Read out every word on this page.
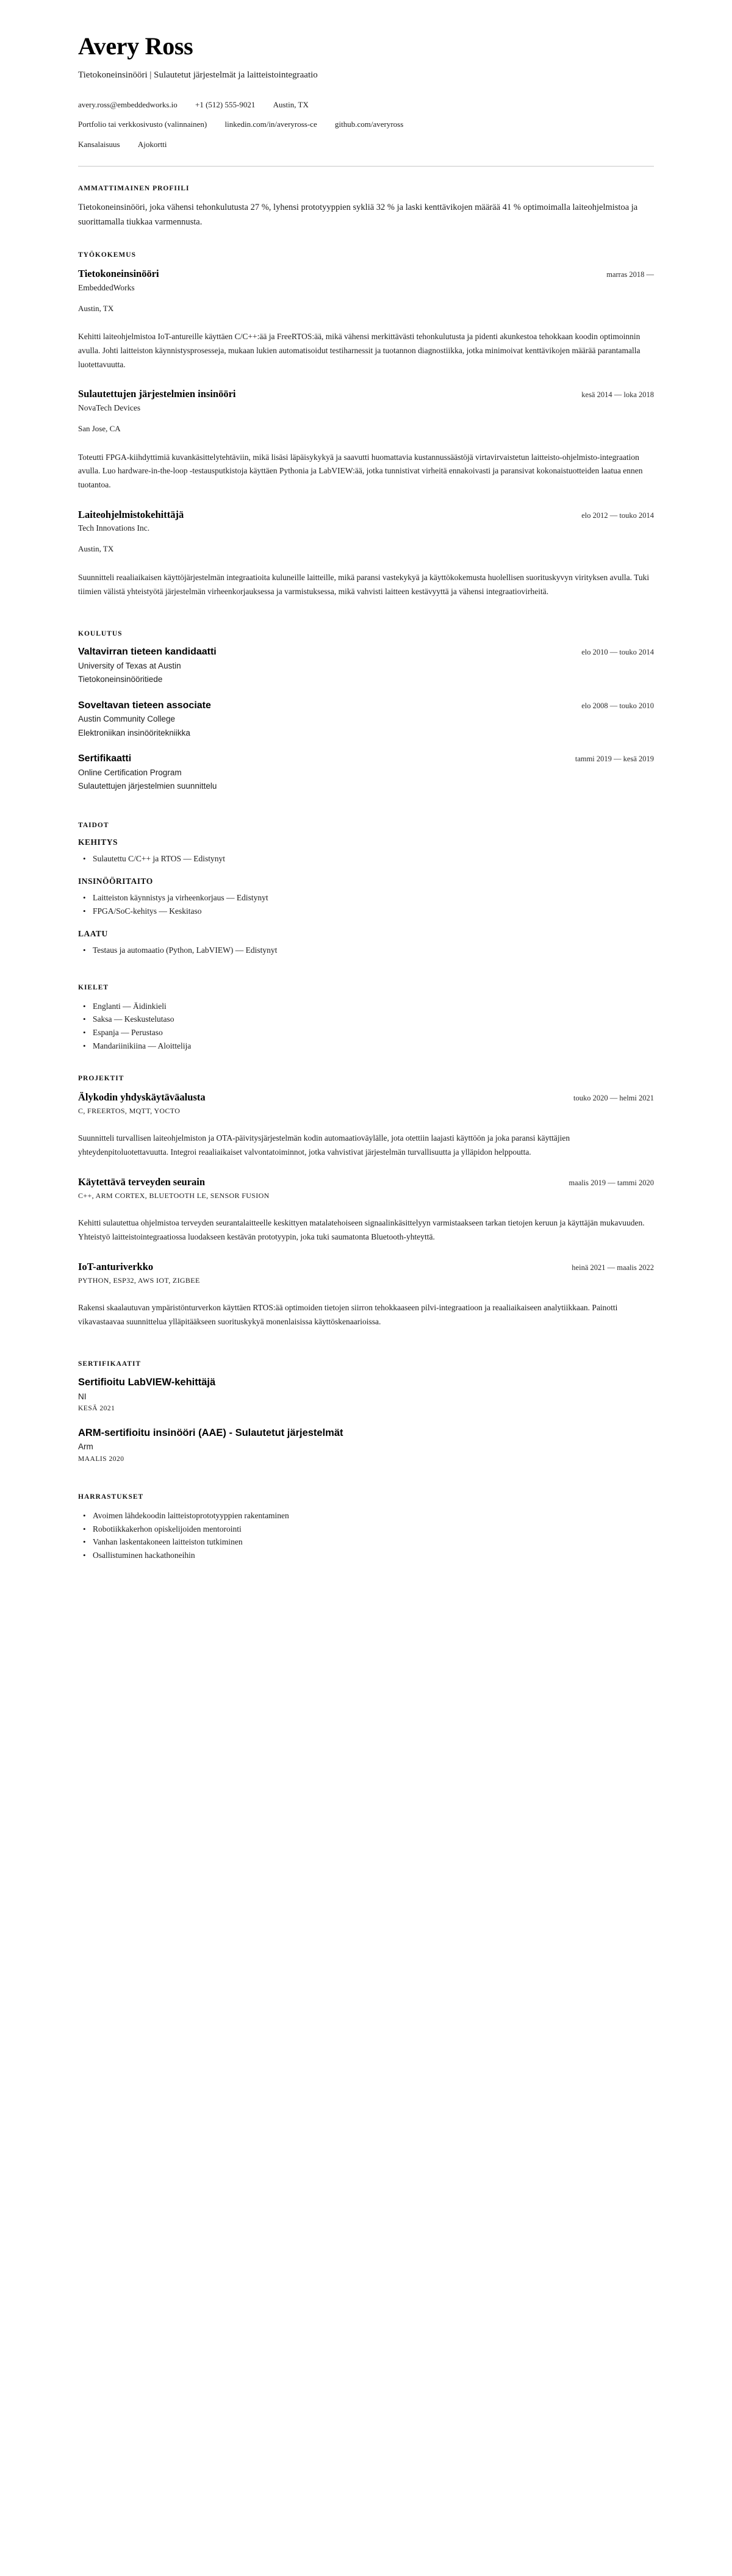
Avery Ross
Tietokoneinsinööri | Sulautetut järjestelmät ja laitteistointegraatio
avery.ross@embeddedworks.io +1 (512) 555-9021 Austin, TX
Portfolio tai verkkosivusto (valinnainen) linkedin.com/in/averyross-ce github.com/averyross
Kansalaisuus Ajokortti
AMMATTIMAINEN PROFIILI

Tietokoneinsinööri, joka vähensi tehonkulutusta 27 %, lyhensi prototyyppien sykliä 32 % ja laski kenttävikojen määrää 41 % optimoimalla laiteohjelmistoa ja suorittamalla tiukkaa varmennusta.

TYÖKOKEMUS
Tietokoneinsinööri	marras 2018 —
EmbeddedWorks
Austin, TX
Kehitti laiteohjelmistoa IoT-antureille käyttäen C/C++:ää ja FreeRTOS:ää, mikä vähensi merkittävästi tehonkulutusta ja pidenti akunkestoa tehokkaan koodin optimoinnin avulla. Johti laitteiston käynnistysprosesseja, mukaan lukien automatisoidut testiharnessit ja tuotannon diagnostiikka, jotka minimoivat kenttävikojen määrää parantamalla luotettavuutta.
Sulautettujen järjestelmien insinööri	kesä 2014 — loka 2018
NovaTech Devices
San Jose, CA
Toteutti FPGA-kiihdyttimiä kuvankäsittelytehtäviin, mikä lisäsi läpäisykykyä ja saavutti huomattavia kustannussäästöjä virtavirvaistetun laitteisto-ohjelmisto-integraation avulla. Luo hardware-in-the-loop -testausputkistoja käyttäen Pythonia ja LabVIEW:ää, jotka tunnistivat virheitä ennakoivasti ja paransivat kokonaistuotteiden laatua ennen tuotantoa.
Laiteohjelmistokehittäjä	elo 2012 — touko 2014
Tech Innovations Inc.
Austin, TX
Suunnitteli reaaliaikaisen käyttöjärjestelmän integraatioita kuluneille laitteille, mikä paransi vastekykyä ja käyttökokemusta huolellisen suorituskyvyn virityksen avulla. Tuki tiimien välistä yhteistyötä järjestelmän virheenkorjauksessa ja varmistuksessa, mikä vahvisti laitteen kestävyyttä ja vähensi integraatiovirheitä.
KOULUTUS
Valtavirran tieteen kandidaatti	elo 2010 — touko 2014
University of Texas at Austin
Tietokoneinsinööritiede
Soveltavan tieteen associate	elo 2008 — touko 2010
Austin Community College
Elektroniikan insinööritekniikka
Sertifikaatti	tammi 2019 — kesä 2019
Online Certification Program
Sulautettujen järjestelmien suunnittelu
TAIDOT
KEHITYS
• Sulautettu C/C++ ja RTOS — Edistynyt
INSINÖÖRITAITO
• Laitteiston käynnistys ja virheenkorjaus — Edistynyt
• FPGA/SoC-kehitys — Keskitaso
LAATU
• Testaus ja automaatio (Python, LabVIEW) — Edistynyt
KIELET
• Englanti — Äidinkieli
• Saksa — Keskustelutaso
• Espanja — Perustaso
• Mandariinikiina — Aloittelija
PROJEKTIT
Älykodin yhdyskäytäväalusta	touko 2020 — helmi 2021
C, FREERTOS, MQTT, YOCTO
Suunnitteli turvallisen laiteohjelmiston ja OTA-päivitysjärjestelmän kodin automaatioväylälle, jota otettiin laajasti käyttöön ja joka paransi käyttäjien yhteydenpitoluotettavuutta. Integroi reaaliaikaiset valvontatoiminnot, jotka vahvistivat järjestelmän turvallisuutta ja ylläpidon helppoutta.
Käytettävä terveyden seurain	maalis 2019 — tammi 2020
C++, ARM CORTEX, BLUETOOTH LE, SENSOR FUSION
Kehitti sulautettua ohjelmistoa terveyden seurantalaitteelle keskittyen matalatehoiseen signaalinkäsittelyyn varmistaakseen tarkan tietojen keruun ja käyttäjän mukavuuden. Yhteistyö laitteistointegraatiossa luodakseen kestävän prototyypin, joka tuki saumatonta Bluetooth-yhteyttä.
IoT-anturiverkko	heinä 2021 — maalis 2022
PYTHON, ESP32, AWS IOT, ZIGBEE
Rakensi skaalautuvan ympäristönturverkon käyttäen RTOS:ää optimoiden tietojen siirron tehokkaaseen pilvi-integraatioon ja reaaliaikaiseen analytiikkaan. Painotti vikavastaavaa suunnittelua ylläpitääkseen suorituskykyä monenlaisissa käyttöskenaarioissa.
SERTIFIKAATIT
Sertifioitu LabVIEW-kehittäjä
NI
KESÄ 2021
ARM-sertifioitu insinööri (AAE) - Sulautetut järjestelmät
Arm
MAALIS 2020
HARRASTUKSET
• Avoimen lähdekoodin laitteistoprototyyppien rakentaminen
• Robotiikkakerhon opiskelijoiden mentorointi
• Vanhan laskentakoneen laitteiston tutkiminen
• Osallistuminen hackathoneihin
